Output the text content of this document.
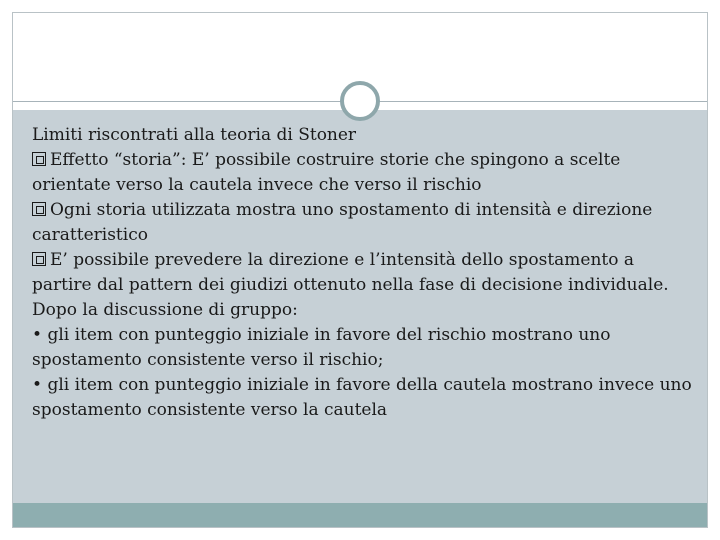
Limiti riscontrati alla teoria di Stoner

Effetto “storia”: E’ possibile costruire storie che spingono a scelte orientate verso la cautela invece che verso il rischio

Ogni storia utilizzata mostra uno spostamento di intensità e direzione caratteristico

E’ possibile prevedere la direzione e l’intensità dello spostamento a partire dal pattern dei giudizi ottenuto nella fase di decisione individuale. Dopo la discussione di gruppo:

• gli item con punteggio iniziale in favore del rischio mostrano uno spostamento consistente verso il rischio;

• gli item con punteggio iniziale in favore della cautela mostrano invece uno spostamento consistente verso la cautela
